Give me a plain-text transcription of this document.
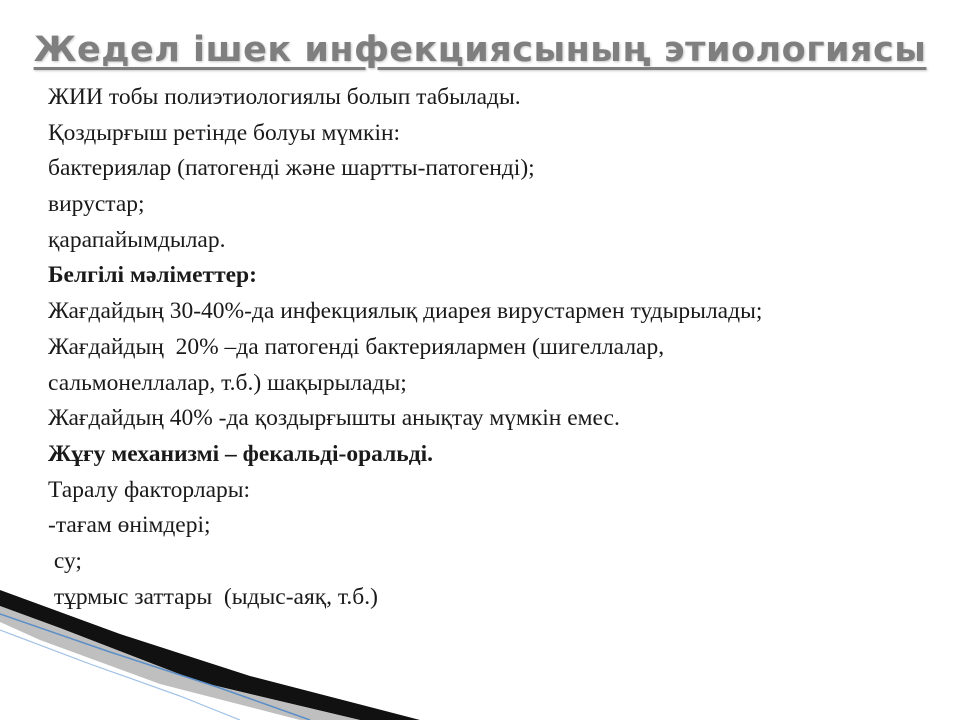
Жедел ішек инфекциясының этиологиясы
ЖИИ тобы полиэтиологиялы болып табылады.
Қоздырғыш ретінде болуы мүмкін:
бактериялар (патогенді және шартты-патогенді);
вирустар;
қарапайымдылар.
Белгілі мәліметтер:
Жағдайдың 30-40%-да инфекциялық диарея вирустармен тудырылады;
Жағдайдың  20% –да патогенді бактериялармен (шигеллалар,
сальмонеллалар, т.б.) шақырылады;
Жағдайдың 40% -да қоздырғышты анықтау мүмкін емес.
Жұғу механизмі – фекальді-оральді.
Таралу факторлары:
-тағам өнімдері;
су;
тұрмыс заттары  (ыдыс-аяқ, т.б.)
